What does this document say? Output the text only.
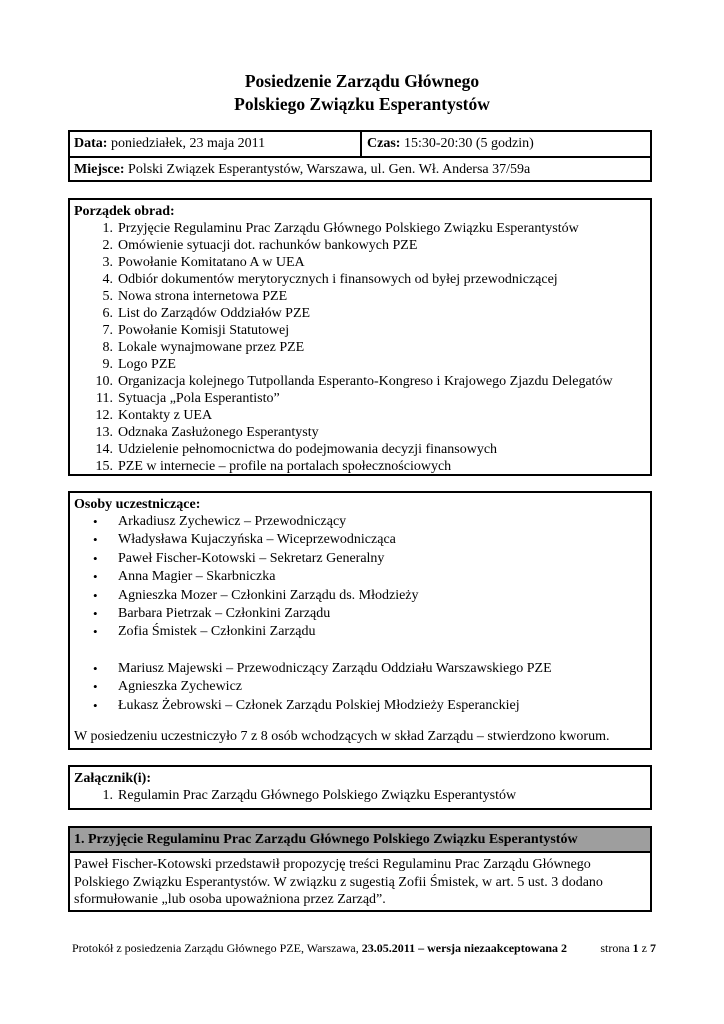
Posiedzenie Zarządu Głównego
Polskiego Związku Esperantystów
Data: poniedziałek, 23 maja 2011	Czas: 15:30-20:30 (5 godzin)
Miejsce: Polski Związek Esperantystów, Warszawa, ul. Gen. Wł. Andersa 37/59a
Porządek obrad:
1. Przyjęcie Regulaminu Prac Zarządu Głównego Polskiego Związku Esperantystów
2. Omówienie sytuacji dot. rachunków bankowych PZE
3. Powołanie Komitatano A w UEA
4. Odbiór dokumentów merytorycznych i finansowych od byłej przewodniczącej
5. Nowa strona internetowa PZE
6. List do Zarządów Oddziałów PZE
7. Powołanie Komisji Statutowej
8. Lokale wynajmowane przez PZE
9. Logo PZE
10. Organizacja kolejnego Tutpollanda Esperanto-Kongreso i Krajowego Zjazdu Delegatów
11. Sytuacja „Pola Esperantisto”
12. Kontakty z UEA
13. Odznaka Zasłużonego Esperantysty
14. Udzielenie pełnomocnictwa do podejmowania decyzji finansowych
15. PZE w internecie – profile na portalach społecznościowych
Osoby uczestniczące:
• Arkadiusz Zychewicz – Przewodniczący
• Władysława Kujaczyńska – Wiceprzewodnicząca
• Paweł Fischer-Kotowski – Sekretarz Generalny
• Anna Magier – Skarbniczka
• Agnieszka Mozer – Członkini Zarządu ds. Młodzieży
• Barbara Pietrzak – Członkini Zarządu
• Zofia Śmistek – Członkini Zarządu
• Mariusz Majewski – Przewodniczący Zarządu Oddziału Warszawskiego PZE
• Agnieszka Zychewicz
• Łukasz Żebrowski – Członek Zarządu Polskiej Młodzieży Esperanckiej
W posiedzeniu uczestniczyło 7 z 8 osób wchodzących w skład Zarządu – stwierdzono kworum.
Załącznik(i):
1. Regulamin Prac Zarządu Głównego Polskiego Związku Esperantystów
1. Przyjęcie Regulaminu Prac Zarządu Głównego Polskiego Związku Esperantystów
Paweł Fischer-Kotowski przedstawił propozycję treści Regulaminu Prac Zarządu Głównego
Polskiego Związku Esperantystów. W związku z sugestią Zofii Śmistek, w art. 5 ust. 3 dodano
sformułowanie „lub osoba upoważniona przez Zarząd”.
Protokół z posiedzenia Zarządu Głównego PZE, Warszawa, 23.05.2011 – wersja niezaakceptowana 2	strona 1 z 7
